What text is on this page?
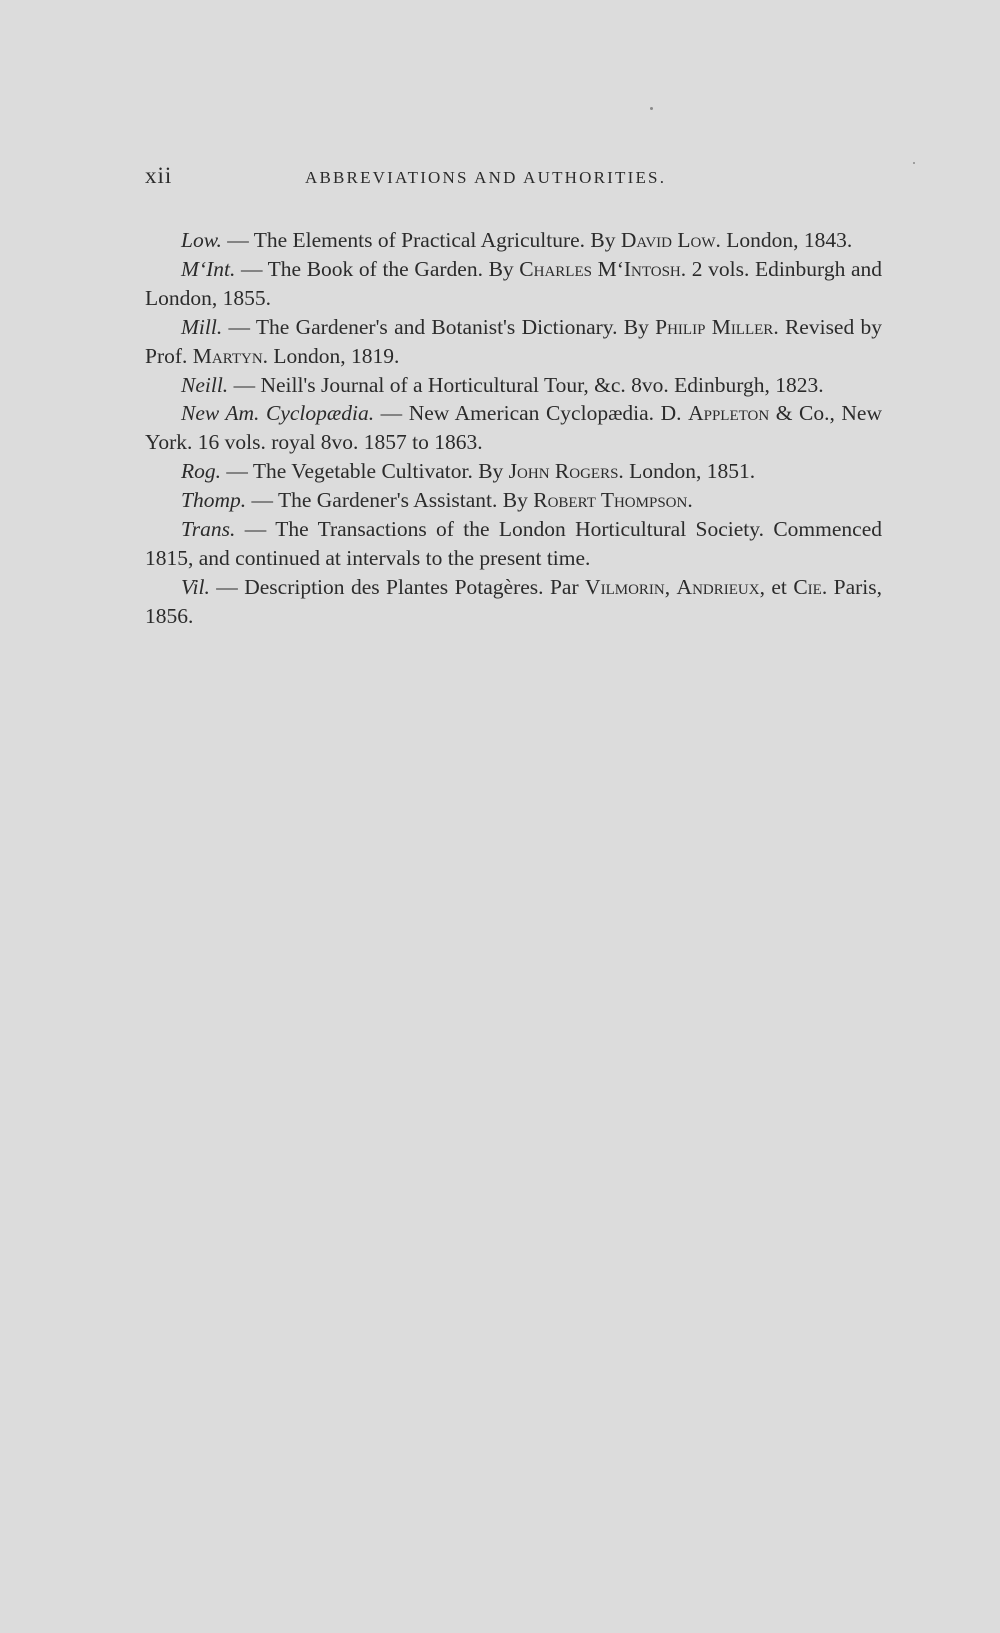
xii	ABBREVIATIONS AND AUTHORITIES.

Low. — The Elements of Practical Agriculture. By David Low. London, 1843.

M‘Int. — The Book of the Garden. By Charles M‘Intosh. 2 vols. Edinburgh and London, 1855.

Mill. — The Gardener's and Botanist's Dictionary. By Philip Miller. Revised by Prof. Martyn. London, 1819.

Neill. — Neill's Journal of a Horticultural Tour, &c. 8vo. Edinburgh, 1823.

New Am. Cyclopædia. — New American Cyclopædia. D. Appleton & Co., New York. 16 vols. royal 8vo. 1857 to 1863.

Rog. — The Vegetable Cultivator. By John Rogers. London, 1851.

Thomp. — The Gardener's Assistant. By Robert Thompson.

Trans. — The Transactions of the London Horticultural Society. Commenced 1815, and continued at intervals to the present time.

Vil. — Description des Plantes Potagères. Par Vilmorin, Andrieux, et Cie. Paris, 1856.
